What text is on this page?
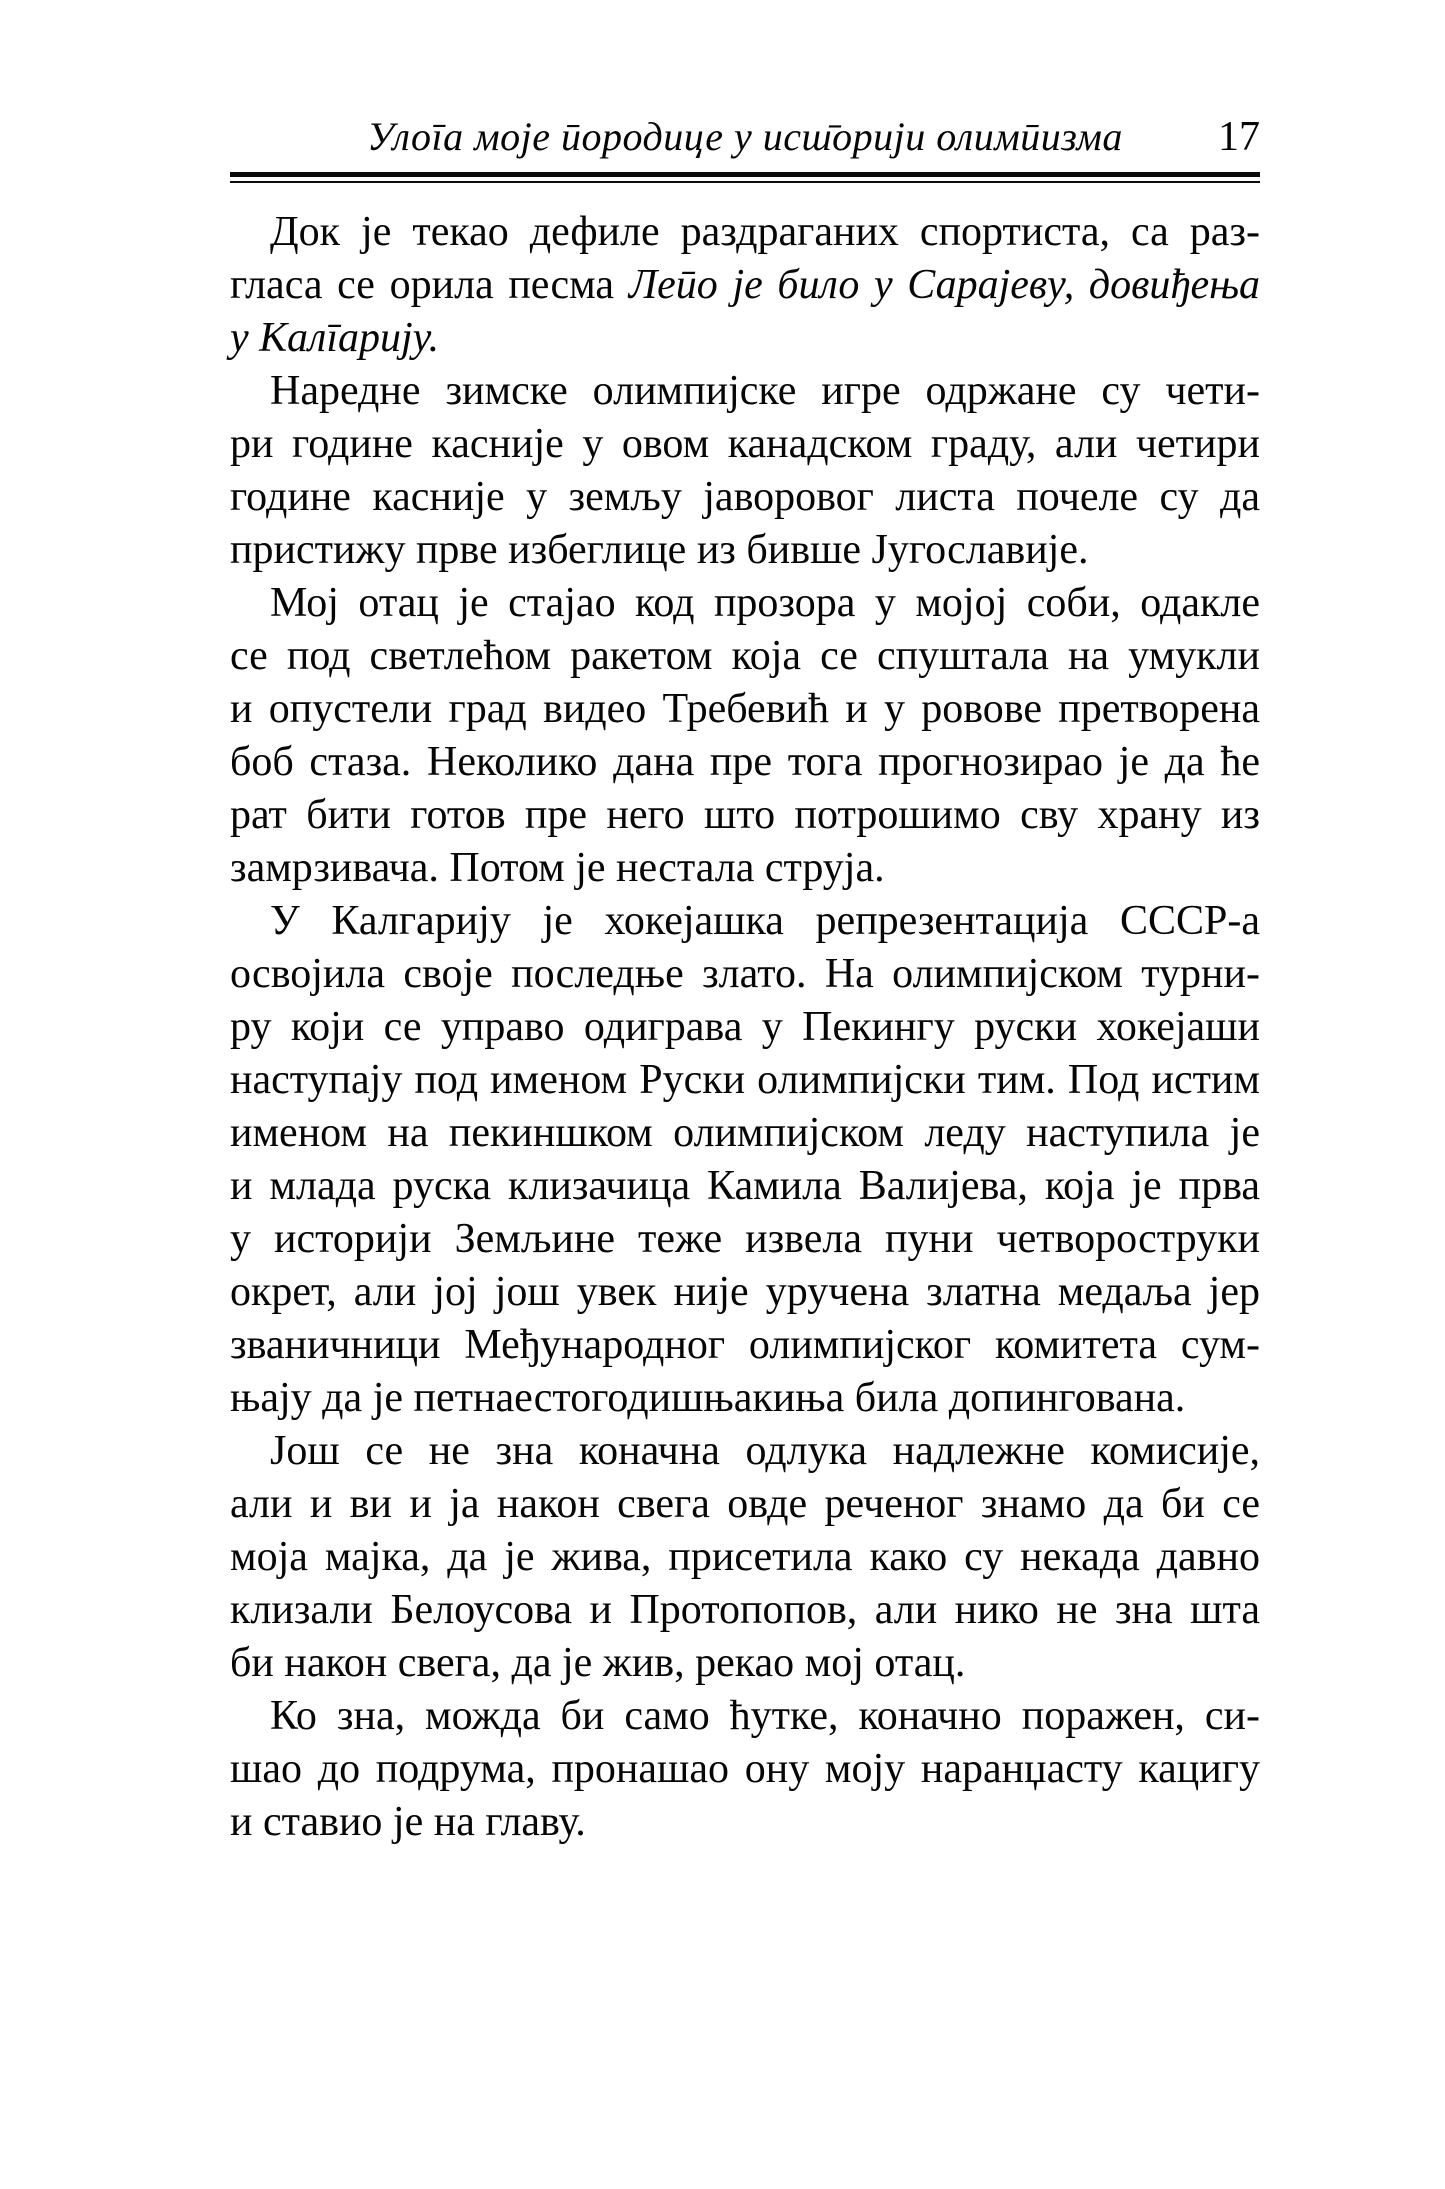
Улоīа моје ūородице у исш̄орији олимūизма	17
Док је текао дефиле раздраганих спортиста, са раз-
гласа се орила песма Леūо је било у Сарајеву, довиђења
у Калīарију.
Наредне зимске олимпијске игре одржане су чети-
ри године касније у овом канадском граду, али четири
године касније у земљу јаворовог листа почеле су да
пристижу прве избеглице из бивше Југославије.
Мој отац је стајао код прозора у мојој соби, одакле
се под светлећом ракетом која се спуштала на умукли
и опустели град видео Требевић и у ровове претворена
боб стаза. Неколико дана пре тога прогнозирао је да ће
рат бити готов пре него што потрошимо сву храну из
замрзивача. Потом је нестала струја.
У Калгарију је хокејашка репрезентација СССР-а
освојила своје последње злато. На олимпијском турни-
ру који се управо одиграва у Пекингу руски хокејаши
наступају под именом Руски олимпијски тим. Под истим
именом на пекиншком олимпијском леду наступила је
и млада руска клизачица Камила Валијева, која је прва
у историји Земљине теже извела пуни четвороструки
окрет, али јој још увек није уручена златна медаља јер
званичници Међународног олимпијског комитета сум-
њају да је петнаестогодишњакиња била допингована.
Још се не зна коначна одлука надлежне комисије,
али и ви и ја након свега овде реченог знамо да би се
моја мајка, да је жива, присетила како су некада давно
клизали Белоусова и Протопопов, али нико не зна шта
би након свега, да је жив, рекао мој отац.
Ко зна, можда би само ћутке, коначно поражен, си-
шао до подрума, пронашао ону моју наранџасту кацигу
и ставио је на главу.
